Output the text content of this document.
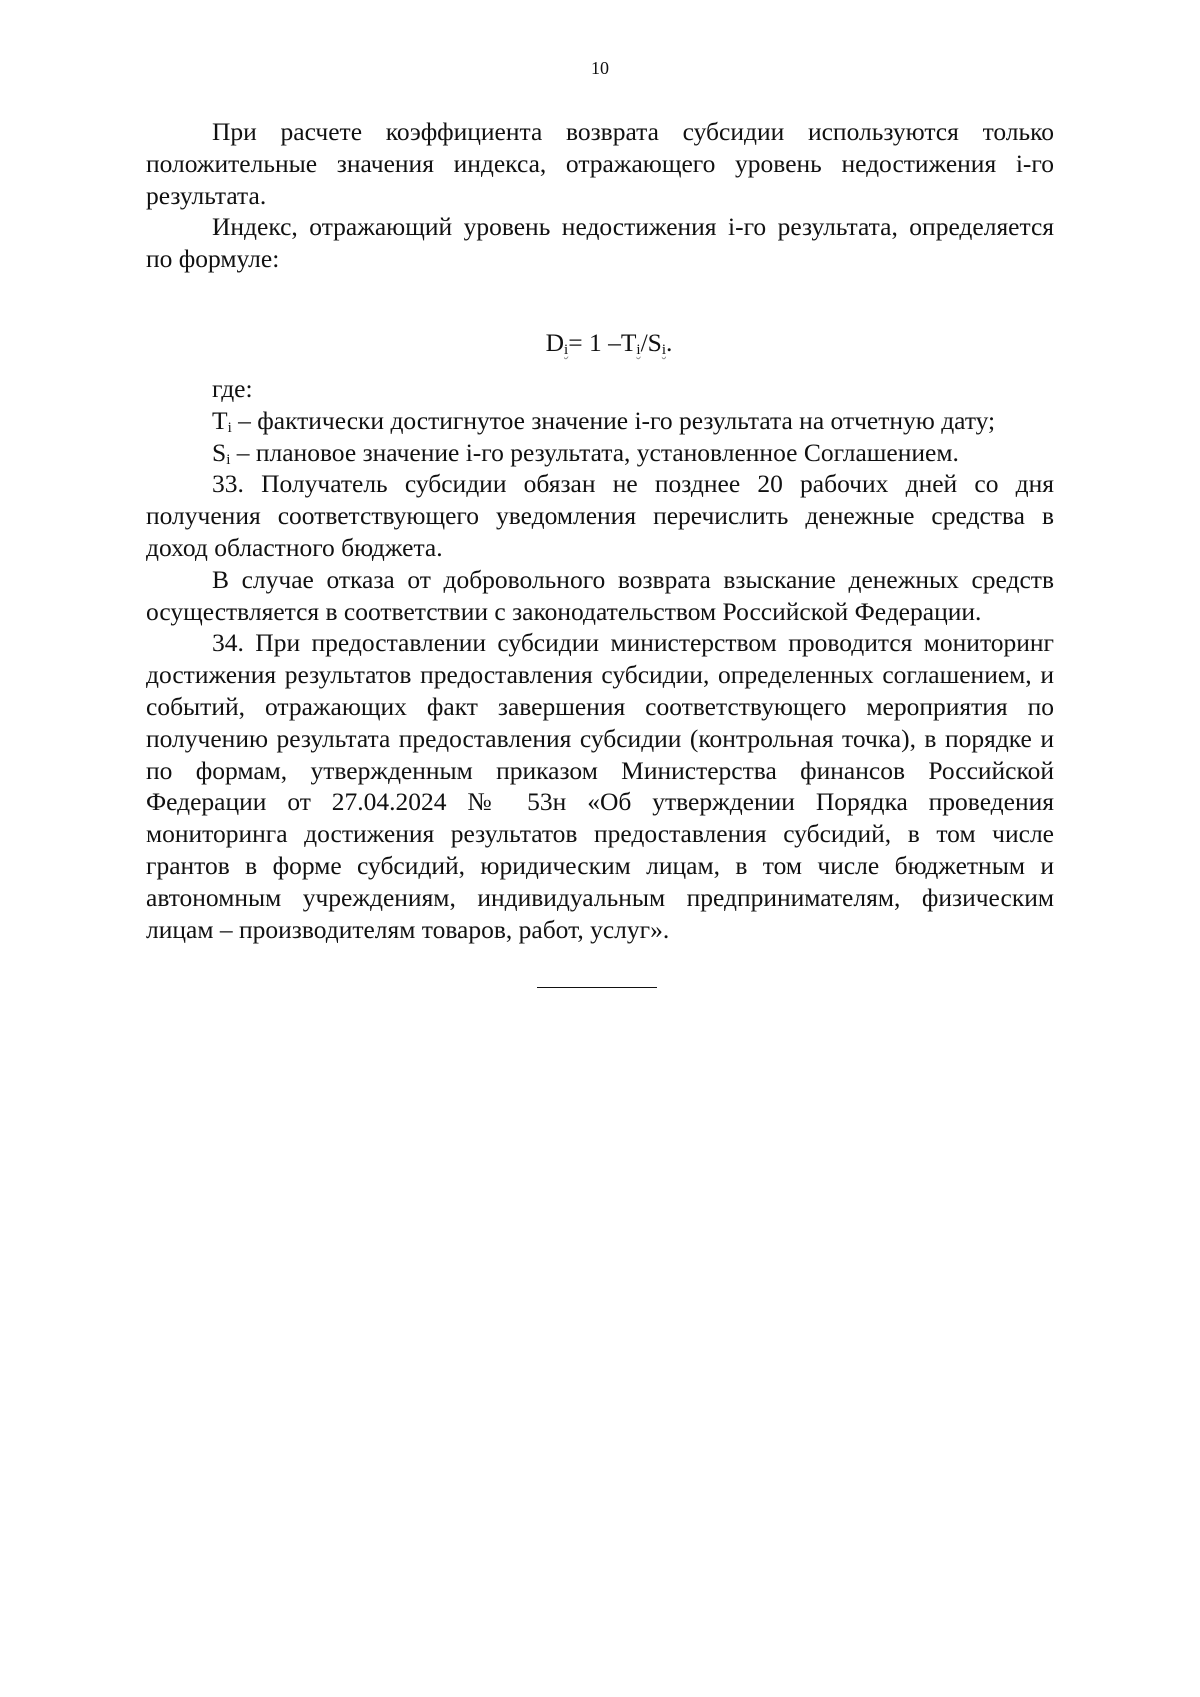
10

При расчете коэффициента возврата субсидии используются только положительные значения индекса, отражающего уровень недостижения i-го результата.

Индекс, отражающий уровень недостижения i-го результата, определяется по формуле:

$D_i= 1$ $-T_i/S_i$.

где:

$T_i$ – фактически достигнутое значение i-го результата на отчетную дату;

$S_i$ – плановое значение i-го результата, установленное Соглашением.

33. Получатель субсидии обязан не позднее 20 рабочих дней со дня получения соответствующего уведомления перечислить денежные средства в доход областного бюджета.

В случае отказа от добровольного возврата взыскание денежных средств осуществляется в соответствии с законодательством Российской Федерации.

34. При предоставлении субсидии министерством проводится мониторинг достижения результатов предоставления субсидии, определенных соглашением, и событий, отражающих факт завершения соответствующего мероприятия по получению результата предоставления субсидии (контрольная точка), в порядке и по формам, утвержденным приказом Министерства финансов Российской Федерации от 27.04.2024 № 53н «Об утверждении Порядка проведения мониторинга достижения результатов предоставления субсидий, в том числе грантов в форме субсидий, юридическим лицам, в том числе бюджетным и автономным учреждениям, индивидуальным предпринимателям, физическим лицам – производителям товаров, работ, услуг».
